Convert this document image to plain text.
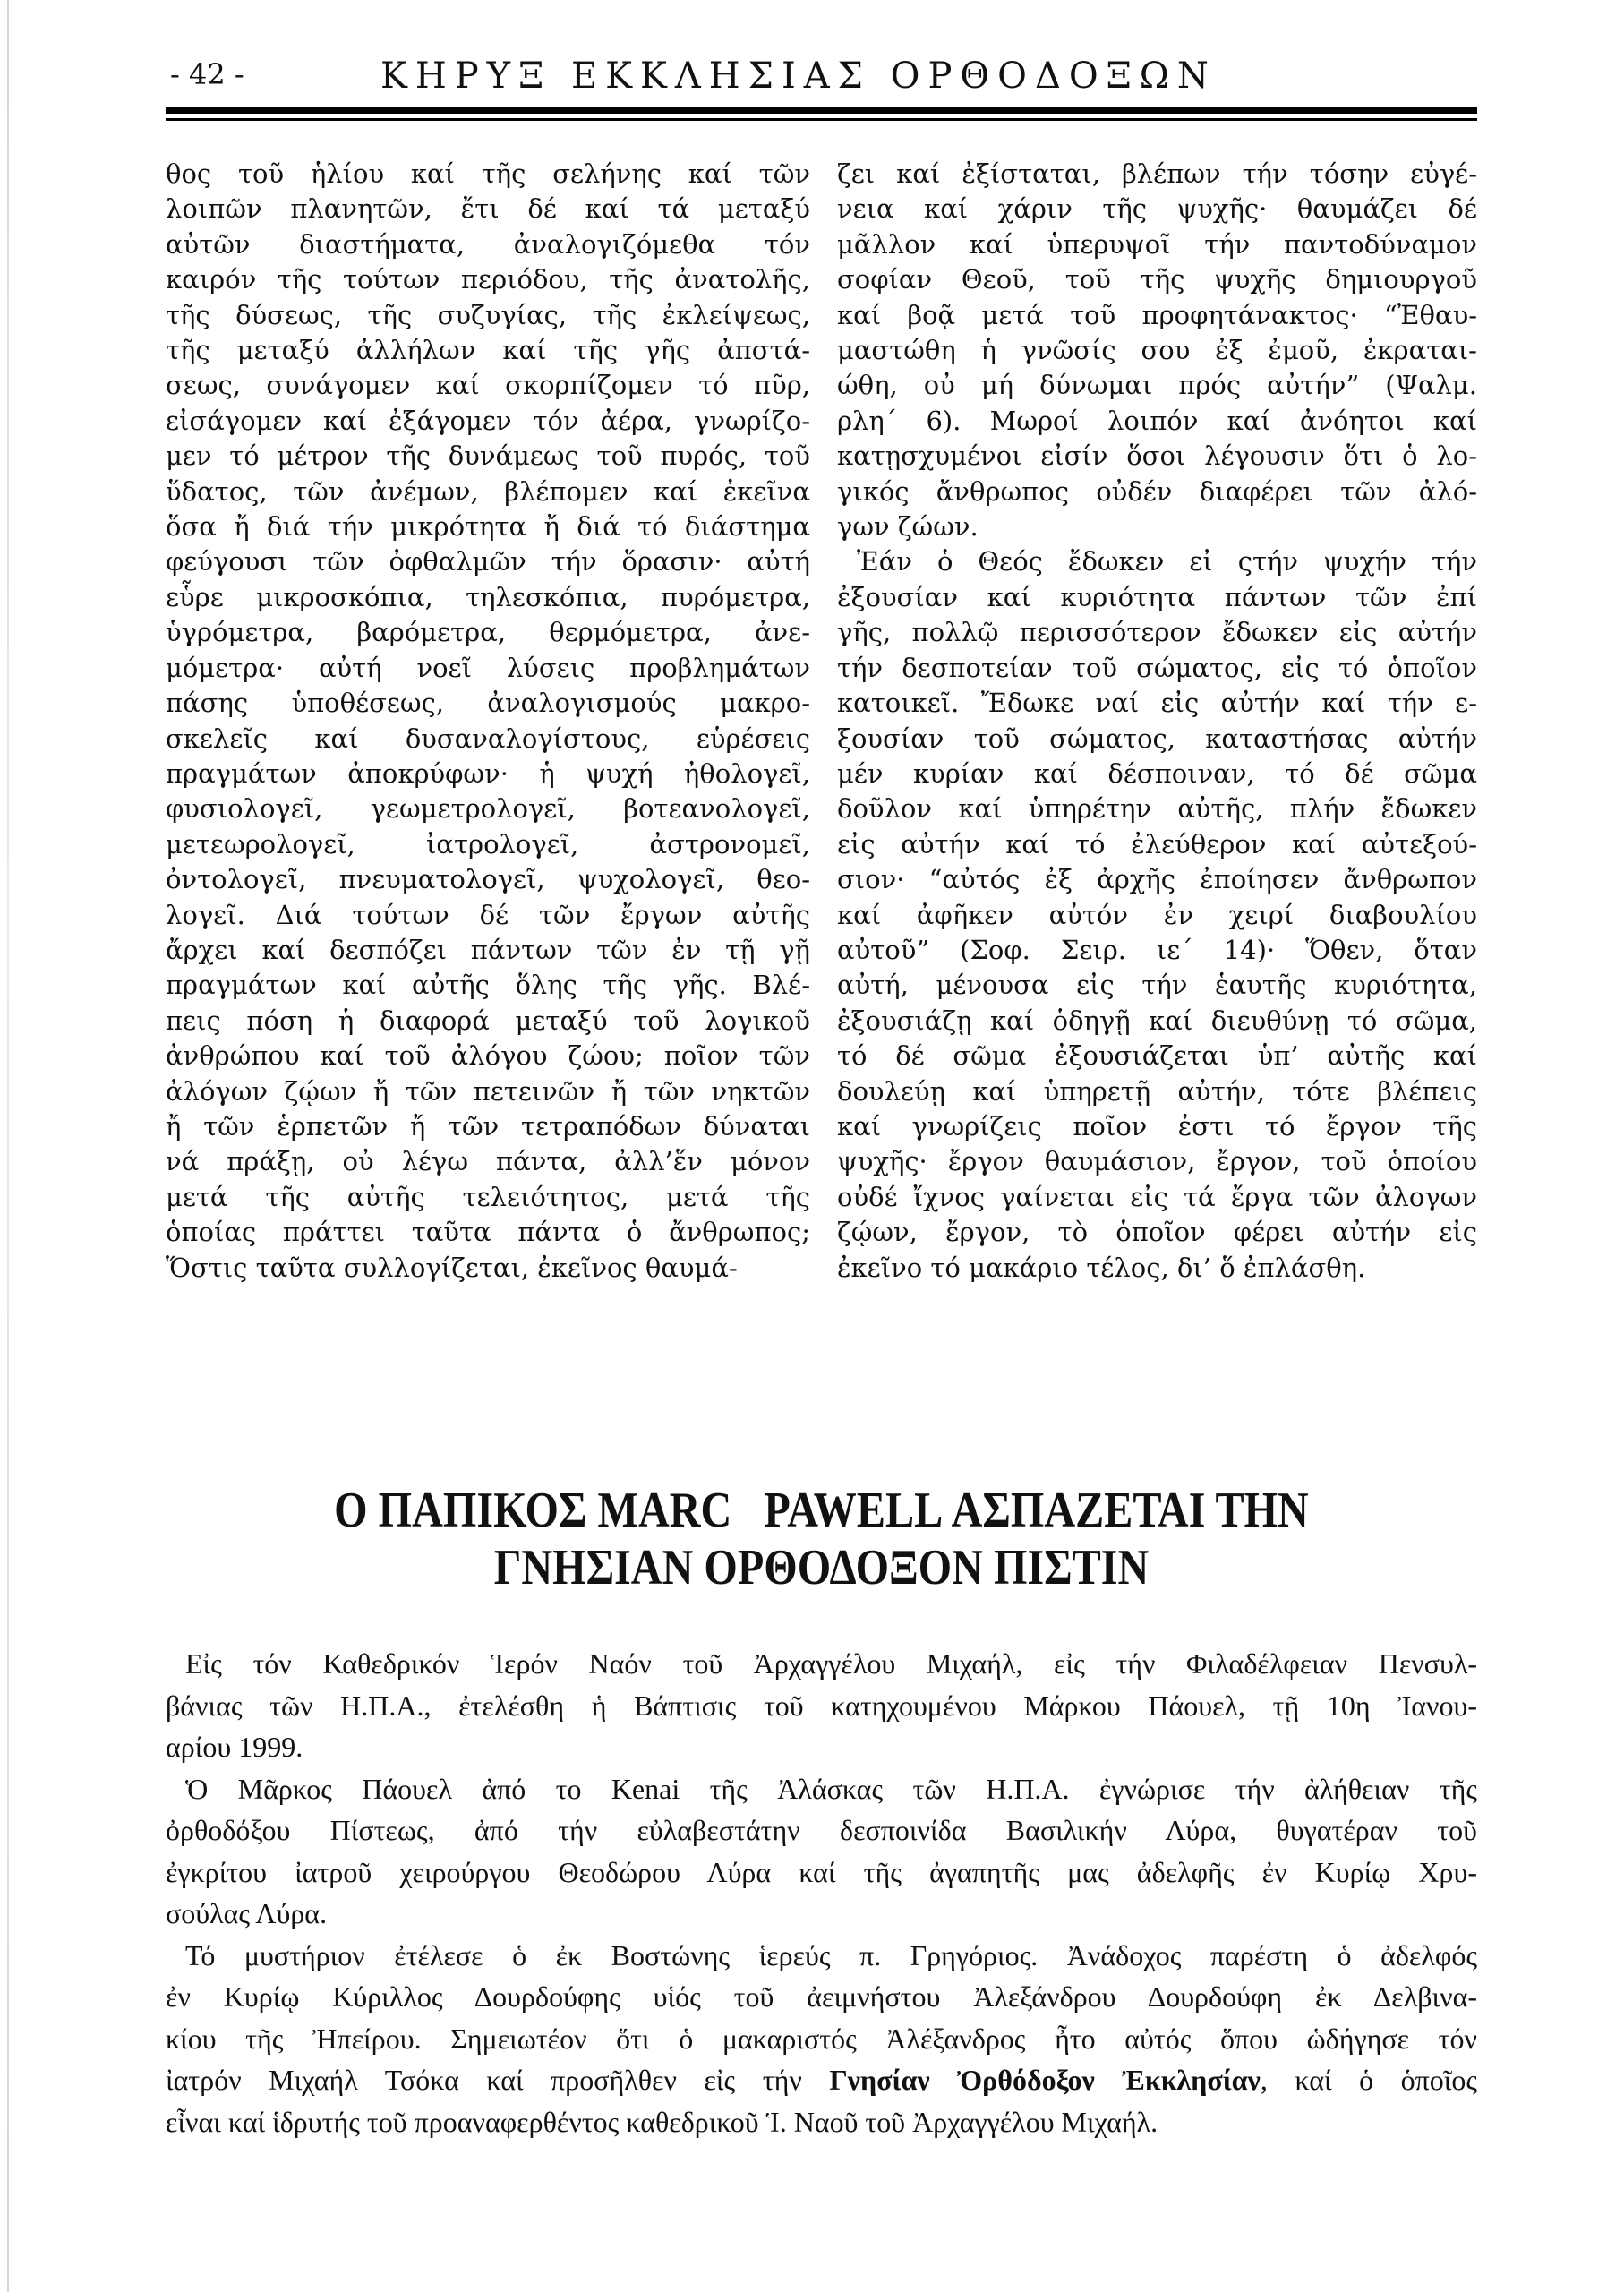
- 42 -	ΚΗΡΥΞ ΕΚΚΛΗΣΙΑΣ ΟΡΘΟΔΟΞΩΝ
θος τοῦ ἡλίου καί τῆς σελήνης καί τῶν
λοιπῶν πλανητῶν, ἔτι δέ καί τά μεταξύ
αὐτῶν διαστήματα, ἀναλογιζόμεθα τόν
καιρόν τῆς τούτων περιόδου, τῆς ἀνατολῆς,
τῆς δύσεως, τῆς συζυγίας, τῆς ἐκλείψεως,
τῆς μεταξύ ἀλλήλων καί τῆς γῆς ἀπστά-
σεως, συνάγομεν καί σκορπίζομεν τό πῦρ,
εἰσάγομεν καί ἐξάγομεν τόν ἀέρα, γνωρίζο-
μεν τό μέτρον τῆς δυνάμεως τοῦ πυρός, τοῦ
ὕδατος, τῶν ἀνέμων, βλέπομεν καί ἐκεῖνα
ὅσα ἤ διά τήν μικρότητα ἤ διά τό διάστημα
φεύγουσι τῶν ὀφθαλμῶν τήν ὅρασιν· αὐτή
εὗρε μικροσκόπια, τηλεσκόπια, πυρόμετρα,
ὑγρόμετρα, βαρόμετρα, θερμόμετρα, ἀνε-
μόμετρα· αὐτή νοεῖ λύσεις προβλημάτων
πάσης ὑποθέσεως, ἀναλογισμούς μακρο-
σκελεῖς καί δυσαναλογίστους, εὑρέσεις
πραγμάτων ἀποκρύφων· ἡ ψυχή ἠθολογεῖ,
φυσιολογεῖ, γεωμετρολογεῖ, βοτεανολογεῖ,
μετεωρολογεῖ, ἰατρολογεῖ, ἀστρονομεῖ,
ὀντολογεῖ, πνευματολογεῖ, ψυχολογεῖ, θεο-
λογεῖ. Διά τούτων δέ τῶν ἔργων αὐτῆς
ἄρχει καί δεσπόζει πάντων τῶν ἐν τῇ γῇ
πραγμάτων καί αὐτῆς ὅλης τῆς γῆς. Βλέ-
πεις πόση ἡ διαφορά μεταξύ τοῦ λογικοῦ
ἀνθρώπου καί τοῦ ἀλόγου ζώου; ποῖον τῶν
ἀλόγων ζῴων ἤ τῶν πετεινῶν ἤ τῶν νηκτῶν
ἤ τῶν ἑρπετῶν ἤ τῶν τετραπόδων δύναται
νά πράξῃ, οὐ λέγω πάντα, ἀλλ’ἕν μόνον
μετά τῆς αὐτῆς τελειότητος, μετά τῆς
ὁποίας πράττει ταῦτα πάντα ὁ ἄνθρωπος;
Ὅστις ταῦτα συλλογίζεται, ἐκεῖνος θαυμά-
ζει καί ἐξίσταται, βλέπων τήν τόσην εὐγέ-
νεια καί χάριν τῆς ψυχῆς· θαυμάζει δέ
μᾶλλον καί ὑπερυψοῖ τήν παντοδύναμον
σοφίαν Θεοῦ, τοῦ τῆς ψυχῆς δημιουργοῦ
καί βοᾷ μετά τοῦ προφητάνακτος· “Ἐθαυ-
μαστώθη ἡ γνῶσίς σου ἐξ ἐμοῦ, ἐκραται-
ώθη, οὐ μή δύνωμαι πρός αὐτήν” (Ψαλμ.
ρλη΄ 6). Μωροί λοιπόν καί ἀνόητοι καί
κατῃσχυμένοι εἰσίν ὅσοι λέγουσιν ὅτι ὁ λο-
γικός ἄνθρωπος οὐδέν διαφέρει τῶν ἀλό-
γων ζώων.
Ἐάν ὁ Θεός ἔδωκεν εἰ ςτήν ψυχήν τήν
ἐξουσίαν καί κυριότητα πάντων τῶν ἐπί
γῆς, πολλῷ περισσότερον ἔδωκεν εἰς αὐτήν
τήν δεσποτείαν τοῦ σώματος, εἰς τό ὁποῖον
κατοικεῖ. Ἔδωκε ναί εἰς αὐτήν καί τήν ε-
ξουσίαν τοῦ σώματος, καταστήσας αὐτήν
μέν κυρίαν καί δέσποιναν, τό δέ σῶμα
δοῦλον καί ὑπηρέτην αὐτῆς, πλήν ἔδωκεν
εἰς αὐτήν καί τό ἐλεύθερον καί αὐτεξού-
σιον· “αὐτός ἐξ ἀρχῆς ἐποίησεν ἄνθρωπον
καί ἀφῆκεν αὐτόν ἐν χειρί διαβουλίου
αὐτοῦ” (Σοφ. Σειρ. ιε΄ 14)· Ὅθεν, ὅταν
αὐτή, μένουσα εἰς τήν ἑαυτῆς κυριότητα,
ἐξουσιάζῃ καί ὁδηγῇ καί διευθύνῃ τό σῶμα,
τό δέ σῶμα ἐξουσιάζεται ὑπ’ αὐτῆς καί
δουλεύῃ καί ὑπηρετῇ αὐτήν, τότε βλέπεις
καί γνωρίζεις ποῖον ἐστι τό ἔργον τῆς
ψυχῆς· ἔργον θαυμάσιον, ἔργον, τοῦ ὁποίου
οὐδέ ἴχνος γαίνεται εἰς τά ἔργα τῶν ἀλογων
ζῴων, ἔργον, τὸ ὁποῖον φέρει αὐτήν εἰς
ἐκεῖνο τό μακάριο τέλος, δι’ ὅ ἐπλάσθη.
Ο ΠΑΠΙΚΟΣ MARC   PAWELL ΑΣΠΑΖΕΤΑΙ ΤΗΝ
ΓΝΗΣΙΑΝ ΟΡΘΟΔΟΞΟΝ ΠΙΣΤΙΝ
Εἰς τόν Καθεδρικόν Ἱερόν Ναόν τοῦ Ἀρχαγγέλου Μιχαήλ, εἰς τήν Φιλαδέλφειαν Πενσυλ-
βάνιας τῶν Η.Π.Α., ἐτελέσθη ἡ Βάπτισις τοῦ κατηχουμένου Μάρκου Πάουελ, τῇ 10η Ἰανου-
αρίου 1999.
Ὁ Μᾶρκος Πάουελ ἀπό το Kenai τῆς Ἀλάσκας τῶν Η.Π.Α. ἐγνώρισε τήν ἀλήθειαν τῆς
ὀρθοδόξου Πίστεως, ἀπό τήν εὐλαβεστάτην δεσποινίδα Βασιλικήν Λύρα, θυγατέραν τοῦ
ἐγκρίτου ἰατροῦ χειρούργου Θεοδώρου Λύρα καί τῆς ἀγαπητῆς μας ἀδελφῆς ἐν Κυρίῳ Χρυ-
σούλας Λύρα.
Τό μυστήριον ἐτέλεσε ὁ ἐκ Βοστώνης ἱερεύς π. Γρηγόριος. Ἀνάδοχος παρέστη ὁ ἀδελφός
ἐν Κυρίῳ Κύριλλος Δουρδούφης υἱός τοῦ ἀειμνήστου Ἀλεξάνδρου Δουρδούφη ἐκ Δελβινα-
κίου τῆς Ἠπείρου. Σημειωτέον ὅτι ὁ μακαριστός Ἀλέξανδρος ἦτο αὐτός ὅπου ὡδήγησε τόν
ἰατρόν Μιχαήλ Τσόκα καί προσῆλθεν εἰς τήν Γνησίαν Ὀρθόδοξον Ἐκκλησίαν, καί ὁ ὁποῖος
εἶναι καί ἱδρυτής τοῦ προαναφερθέντος καθεδρικοῦ Ἱ. Ναοῦ τοῦ Ἀρχαγγέλου Μιχαήλ.
